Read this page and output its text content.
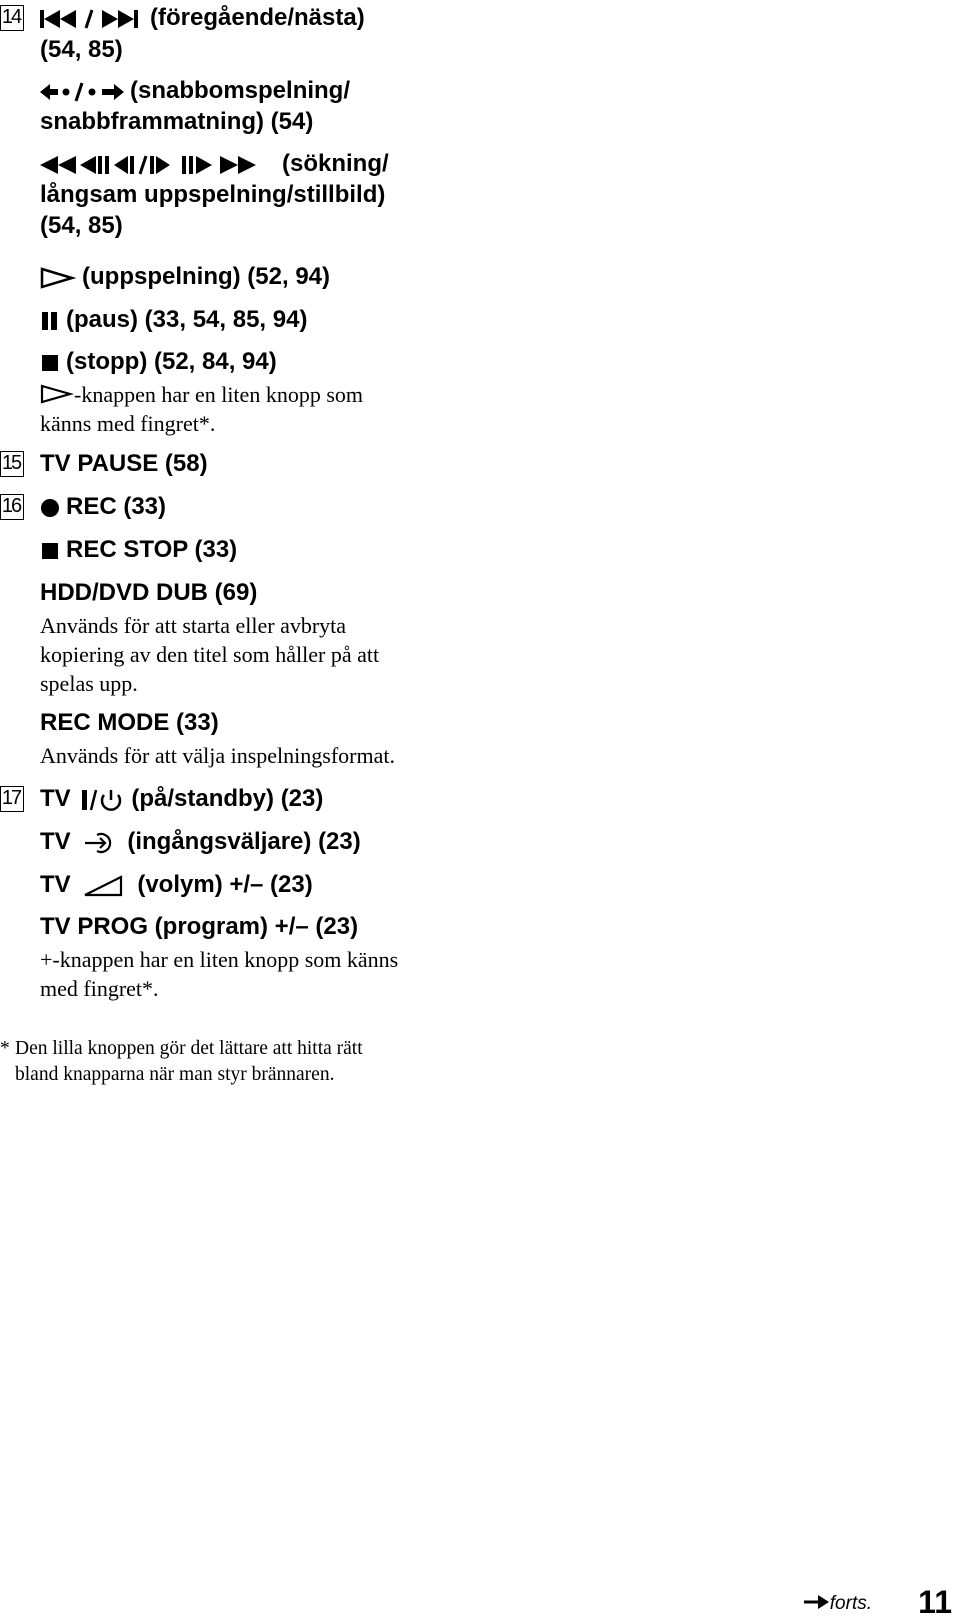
14	(föregående/nästa)
(54, 85)
(snabbomspelning/
snabbframmatning) (54)
(sökning/
långsam uppspelning/stillbild)
(54, 85)
(uppspelning) (52, 94)
(paus) (33, 54, 85, 94)
(stopp) (52, 84, 94)
-knappen har en liten knopp som
känns med fingret*.
15 TV PAUSE (58)
16	REC (33)
REC STOP (33)
HDD/DVD DUB (69)
Används för att starta eller avbryta
kopiering av den titel som håller på att
spelas upp.
REC MODE (33)
Används för att välja inspelningsformat.
17 TV	(på/standby) (23)
TV (ingångsväljare) (23)
TV	(volym) +/– (23)
TV PROG (program) +/– (23)
+-knappen har en liten knopp som känns
med fingret*.
* Den lilla knoppen gör det lättare att hitta rätt
bland knapparna när man styr brännaren.
forts. 11
